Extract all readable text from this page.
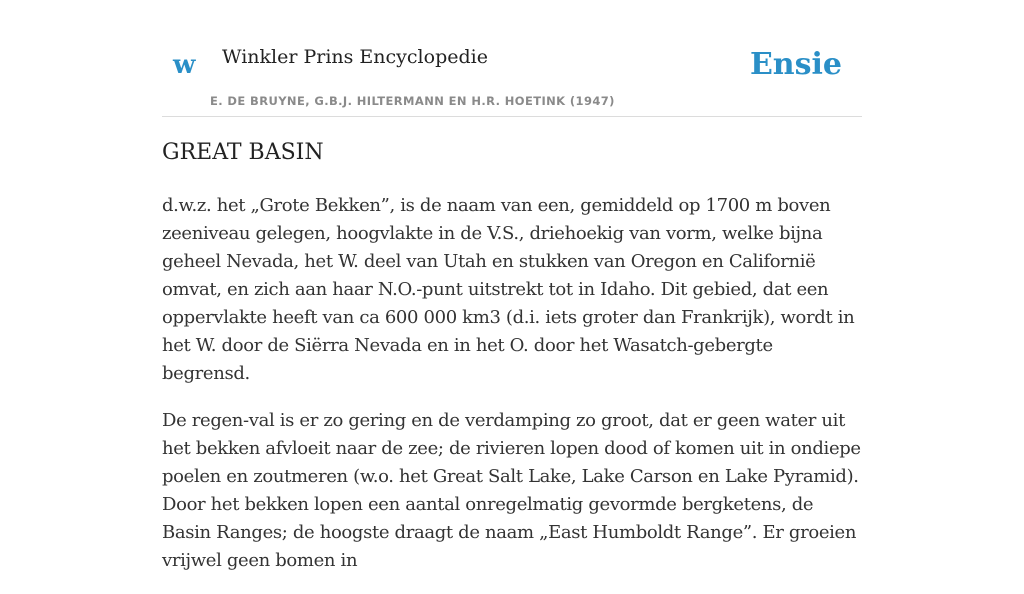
w Winkler Prins Encyclopedie
E. DE BRUYNE, G.B.J. HILTERMANN EN H.R. HOETINK (1947)
Ensie
GREAT BASIN

d.w.z. het „Grote Bekken”, is de naam van een, gemiddeld op 1700 m boven zeeniveau gelegen, hoogvlakte in de V.S., driehoekig van vorm, welke bijna geheel Nevada, het W. deel van Utah en stukken van Oregon en Californië omvat, en zich aan haar N.O.-punt uitstrekt tot in Idaho. Dit gebied, dat een oppervlakte heeft van ca 600 000 km3 (d.i. iets groter dan Frankrijk), wordt in het W. door de Siërra Nevada en in het O. door het Wasatch-gebergte begrensd.

De regen-val is er zo gering en de verdamping zo groot, dat er geen water uit het bekken afvloeit naar de zee; de rivieren lopen dood of komen uit in ondiepe poelen en zoutmeren (w.o. het Great Salt Lake, Lake Carson en Lake Pyramid). Door het bekken lopen een aantal onregelmatig gevormde bergketens, de Basin Ranges; de hoogste draagt de naam „East Humboldt Range”. Er groeien vrijwel geen bomen in
